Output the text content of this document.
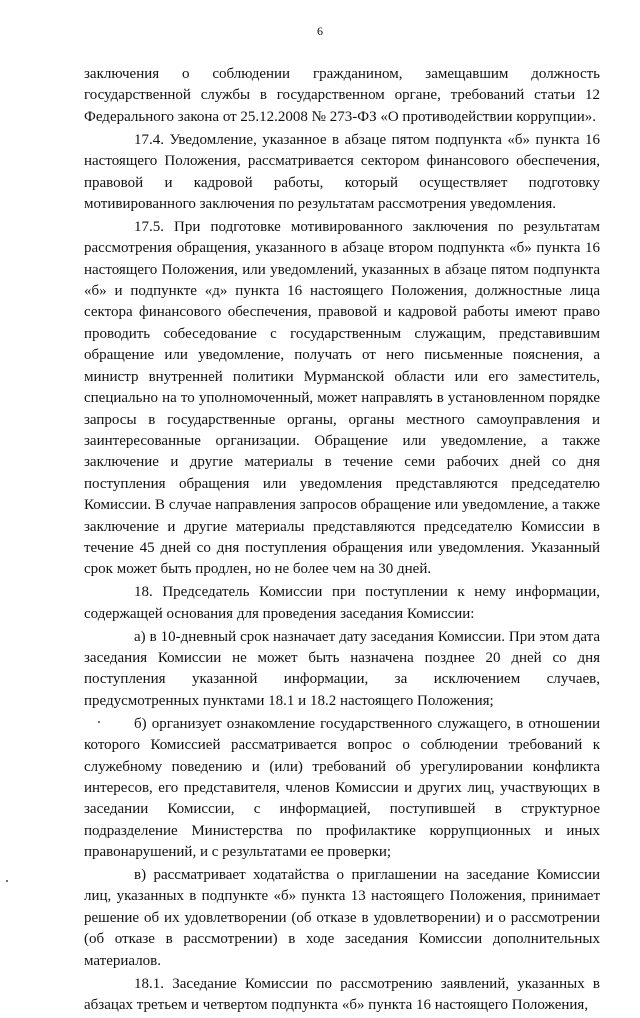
6

заключения о соблюдении гражданином, замещавшим должность государственной службы в государственном органе, требований статьи 12 Федерального закона от 25.12.2008 № 273-ФЗ «О противодействии коррупции».

17.4. Уведомление, указанное в абзаце пятом подпункта «б» пункта 16 настоящего Положения, рассматривается сектором финансового обеспечения, правовой и кадровой работы, который осуществляет подготовку мотивированного заключения по результатам рассмотрения уведомления.

17.5. При подготовке мотивированного заключения по результатам рассмотрения обращения, указанного в абзаце втором подпункта «б» пункта 16 настоящего Положения, или уведомлений, указанных в абзаце пятом подпункта «б» и подпункте «д» пункта 16 настоящего Положения, должностные лица сектора финансового обеспечения, правовой и кадровой работы имеют право проводить собеседование с государственным служащим, представившим обращение или уведомление, получать от него письменные пояснения, а министр внутренней политики Мурманской области или его заместитель, специально на то уполномоченный, может направлять в установленном порядке запросы в государственные органы, органы местного самоуправления и заинтересованные организации. Обращение или уведомление, а также заключение и другие материалы в течение семи рабочих дней со дня поступления обращения или уведомления представляются председателю Комиссии. В случае направления запросов обращение или уведомление, а также заключение и другие материалы представляются председателю Комиссии в течение 45 дней со дня поступления обращения или уведомления. Указанный срок может быть продлен, но не более чем на 30 дней.

18. Председатель Комиссии при поступлении к нему информации, содержащей основания для проведения заседания Комиссии:

а) в 10-дневный срок назначает дату заседания Комиссии. При этом дата заседания Комиссии не может быть назначена позднее 20 дней со дня поступления указанной информации, за исключением случаев, предусмотренных пунктами 18.1 и 18.2 настоящего Положения;

б) организует ознакомление государственного служащего, в отношении которого Комиссией рассматривается вопрос о соблюдении требований к служебному поведению и (или) требований об урегулировании конфликта интересов, его представителя, членов Комиссии и других лиц, участвующих в заседании Комиссии, с информацией, поступившей в структурное подразделение Министерства по профилактике коррупционных и иных правонарушений, и с результатами ее проверки;

в) рассматривает ходатайства о приглашении на заседание Комиссии лиц, указанных в подпункте «б» пункта 13 настоящего Положения, принимает решение об их удовлетворении (об отказе в удовлетворении) и о рассмотрении (об отказе в рассмотрении) в ходе заседания Комиссии дополнительных материалов.

18.1. Заседание Комиссии по рассмотрению заявлений, указанных в абзацах третьем и четвертом подпункта «б» пункта 16 настоящего Положения,
